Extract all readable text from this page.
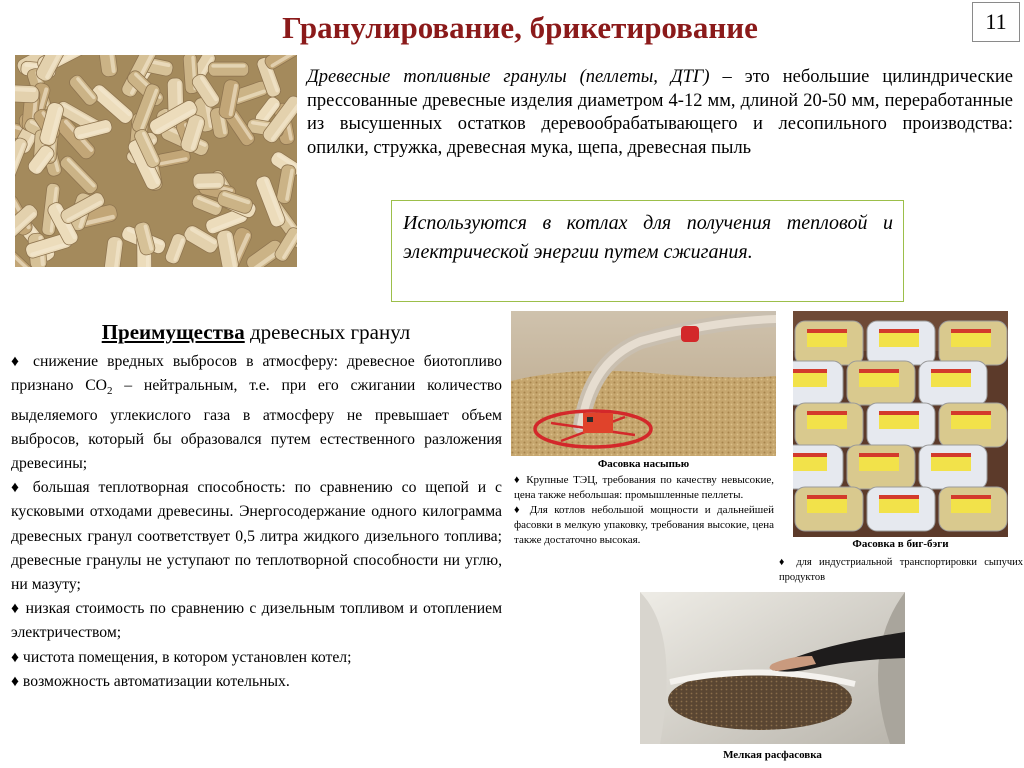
Гранулирование, брикетирование	11
Древесные топливные гранулы (пеллеты, ДТГ) – это небольшие цилиндрические прессованные древесные изделия диаметром 4-12 мм, длиной 20-50 мм, переработанные из высушенных остатков деревообрабатывающего и лесопильного производства: опилки, стружка, древесная мука, щепа, древесная пыль
Используются в котлах для получения тепловой и электрической энергии путем сжигания.
Преимущества древесных гранул

♦ снижение вредных выбросов в атмосферу: древесное биотопливо признано $СО_2$ – нейтральным, т.е. при его сжигании количество выделяемого углекислого газа в атмосферу не превышает объем выбросов, который бы образовался путем естественного разложения древесины;

♦ большая теплотворная способность: по сравнению со щепой и с кусковыми отходами древесины. Энергосодержание одного килограмма древесных гранул соответствует 0,5 литра жидкого дизельного топлива; древесные гранулы не уступают по теплотворной способности ни углю, ни мазуту;

♦ низкая стоимость по сравнению с дизельным топливом и отоплением электричеством;

♦ чистота помещения, в котором установлен котел;

♦ возможность автоматизации котельных.

Фасовка насыпью

♦ Крупные ТЭЦ, требования по качеству невысокие, цена также небольшая: промышленные пеллеты.

♦ Для котлов небольшой мощности и дальнейшей фасовки в мелкую упаковку, требования высокие, цена также достаточно высокая.	Фасовка в биг-бэги
♦ для индустриальной транспортировки сыпучих продуктов
Мелкая расфасовка
